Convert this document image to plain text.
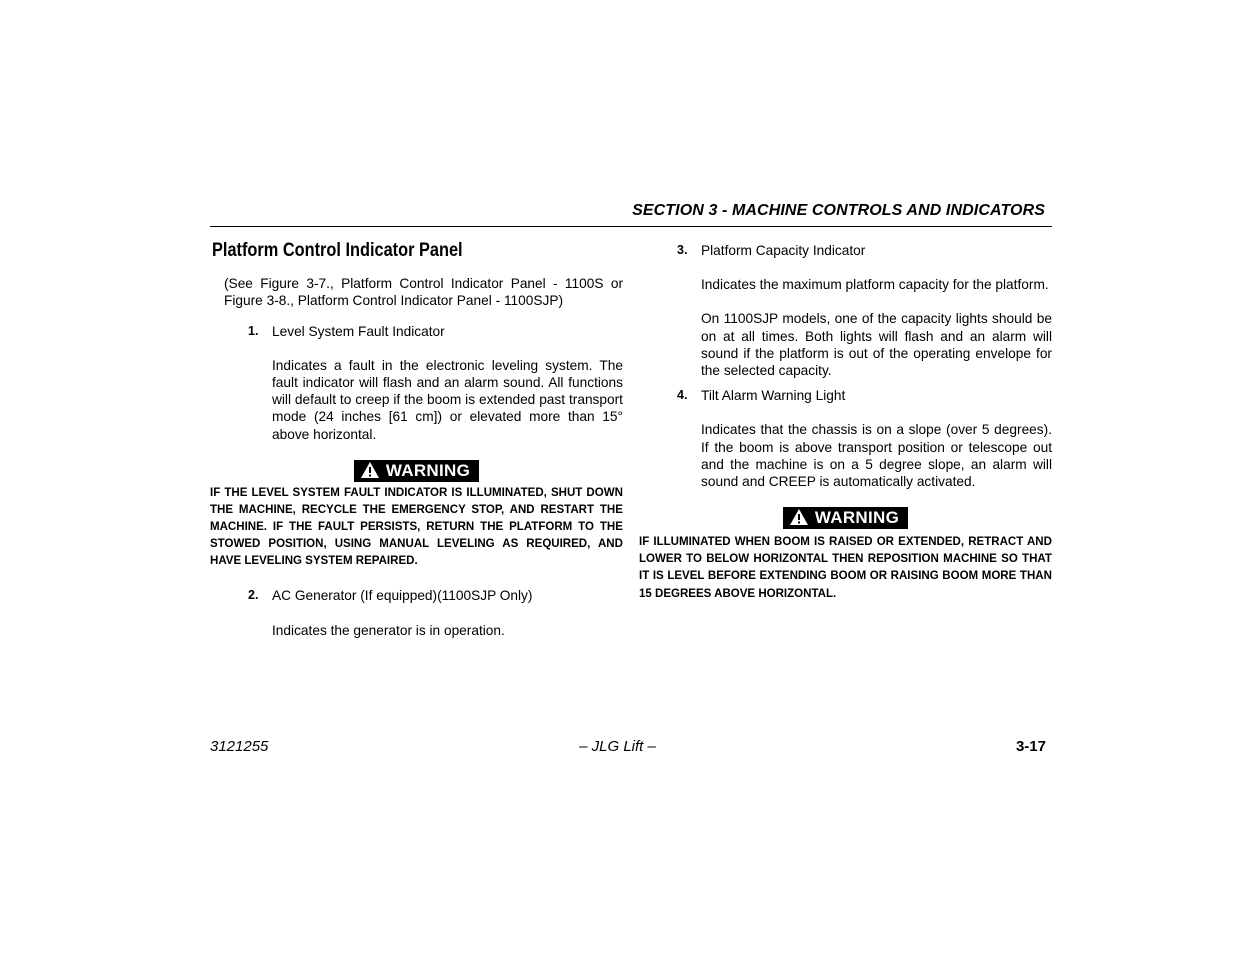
SECTION 3 - MACHINE CONTROLS AND INDICATORS
Platform Control Indicator Panel

(See Figure 3-7., Platform Control Indicator Panel - 1100S or Figure 3-8., Platform Control Indicator Panel - 1100SJP)

1. Level System Fault Indicator

Indicates a fault in the electronic leveling system. The fault indicator will flash and an alarm sound. All functions will default to creep if the boom is extended past transport mode (24 inches [61 cm]) or elevated more than 15° above horizontal.

WARNING
IF THE LEVEL SYSTEM FAULT INDICATOR IS ILLUMINATED, SHUT DOWN THE MACHINE, RECYCLE THE EMERGENCY STOP, AND RESTART THE MACHINE. IF THE FAULT PERSISTS, RETURN THE PLATFORM TO THE STOWED POSITION, USING MANUAL LEVELING AS REQUIRED, AND HAVE LEVELING SYSTEM REPAIRED.
2. AC Generator (If equipped)(1100SJP Only)

Indicates the generator is in operation.

3. Platform Capacity Indicator

Indicates the maximum platform capacity for the platform.

On 1100SJP models, one of the capacity lights should be on at all times. Both lights will flash and an alarm will sound if the platform is out of the operating envelope for the selected capacity.

4. Tilt Alarm Warning Light

Indicates that the chassis is on a slope (over 5 degrees). If the boom is above transport position or telescope out and the machine is on a 5 degree slope, an alarm will sound and CREEP is automatically activated.

WARNING
IF ILLUMINATED WHEN BOOM IS RAISED OR EXTENDED, RETRACT AND LOWER TO BELOW HORIZONTAL THEN REPOSITION MACHINE SO THAT IT IS LEVEL BEFORE EXTENDING BOOM OR RAISING BOOM MORE THAN 15 DEGREES ABOVE HORIZONTAL.
3121255	– JLG Lift –	3-17
